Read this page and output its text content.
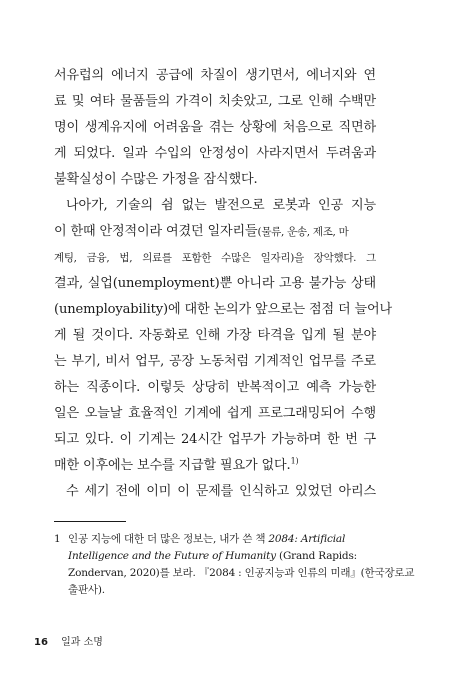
서유럽의 에너지 공급에 차질이 생기면서, 에너지와 연
료 및 여타 물품들의 가격이 치솟았고, 그로 인해 수백만
명이 생계유지에 어려움을 겪는 상황에 처음으로 직면하
게 되었다. 일과 수입의 안정성이 사라지면서 두려움과
불확실성이 수많은 가정을 잠식했다.
나아가, 기술의 쉼 없는 발전으로 로봇과 인공 지능
이 한때 안정적이라 여겼던 일자리들(물류, 운송, 제조, 마
계팅, 금융, 법, 의료를 포함한 수많은 일자리)을 장악했다. 그
결과, 실업(unemployment)뿐 아니라 고용 불가능 상태
(unemployability)에 대한 논의가 앞으로는 점점 더 늘어나
게 될 것이다. 자동화로 인해 가장 타격을 입게 될 분야
는 부기, 비서 업무, 공장 노동처럼 기계적인 업무를 주로
하는 직종이다. 이렇듯 상당히 반복적이고 예측 가능한
일은 오늘날 효율적인 기계에 쉽게 프로그래밍되어 수행
되고 있다. 이 기계는 24시간 업무가 가능하며 한 번 구
매한 이후에는 보수를 지급할 필요가 없다.$^{1)}$
수 세기 전에 이미 이 문제를 인식하고 있었던 아리스
1 인공 지능에 대한 더 많은 정보는, 내가 쓴 책 2084: Artificial
Intelligence and the Future of Humanity (Grand Rapids:
Zondervan, 2020)를 보라. 『2084 : 인공지능과 인류의 미래』(한국장로교
출판사).
16 일과 소명
